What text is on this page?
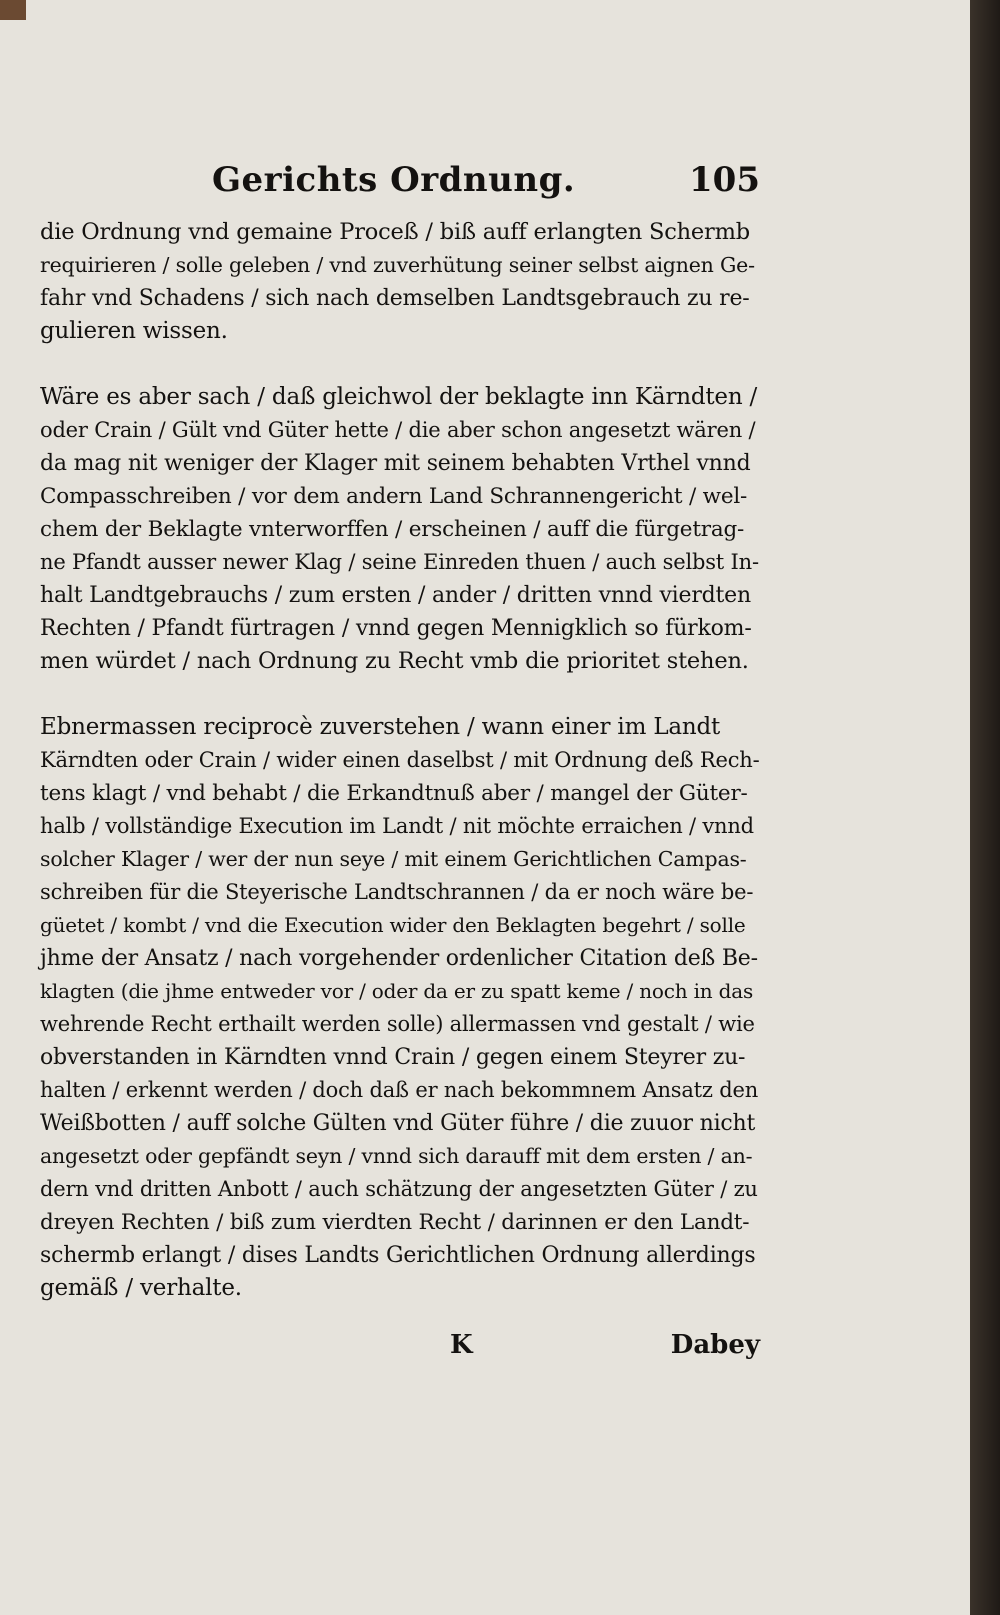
Gerichts Ordnung.	105
die Ordnung vnd gemaine Proceß / biß auff erlangten Schermb
requirieren / solle geleben / vnd zuverhütung seiner selbst aignen Ge-
fahr vnd Schadens / sich nach demselben Landtsgebrauch zu re-
gulieren wissen.
Wäre es aber sach / daß gleichwol der beklagte inn Kärndten /
oder Crain / Gült vnd Güter hette / die aber schon angesetzt wären /
da mag nit weniger der Klager mit seinem behabten Vrthel vnnd
Compasschreiben / vor dem andern Land Schrannengericht / wel-
chem der Beklagte vnterworffen / erscheinen / auff die fürgetrag-
ne Pfandt ausser newer Klag / seine Einreden thuen / auch selbst In-
halt Landtgebrauchs / zum ersten / ander / dritten vnnd vierdten
Rechten / Pfandt fürtragen / vnnd gegen Mennigklich so fürkom-
men würdet / nach Ordnung zu Recht vmb die prioritet stehen.
Ebnermassen reciprocè zuverstehen / wann einer im Landt
Kärndten oder Crain / wider einen daselbst / mit Ordnung deß Rech-
tens klagt / vnd behabt / die Erkandtnuß aber / mangel der Güter-
halb / vollständige Execution im Landt / nit möchte erraichen / vnnd
solcher Klager / wer der nun seye / mit einem Gerichtlichen Campas-
schreiben für die Steyerische Landtschrannen / da er noch wäre be-
güetet / kombt / vnd die Execution wider den Beklagten begehrt / solle
jhme der Ansatz / nach vorgehender ordenlicher Citation deß Be-
klagten (die jhme entweder vor / oder da er zu spatt keme / noch in das
wehrende Recht erthailt werden solle) allermassen vnd gestalt / wie
obverstanden in Kärndten vnnd Crain / gegen einem Steyrer zu-
halten / erkennt werden / doch daß er nach bekommnem Ansatz den
Weißbotten / auff solche Gülten vnd Güter führe / die zuuor nicht
angesetzt oder gepfändt seyn / vnnd sich darauff mit dem ersten / an-
dern vnd dritten Anbott / auch schätzung der angesetzten Güter / zu
dreyen Rechten / biß zum vierdten Recht / darinnen er den Landt-
schermb erlangt / dises Landts Gerichtlichen Ordnung allerdings
gemäß / verhalte.
K	Dabey
